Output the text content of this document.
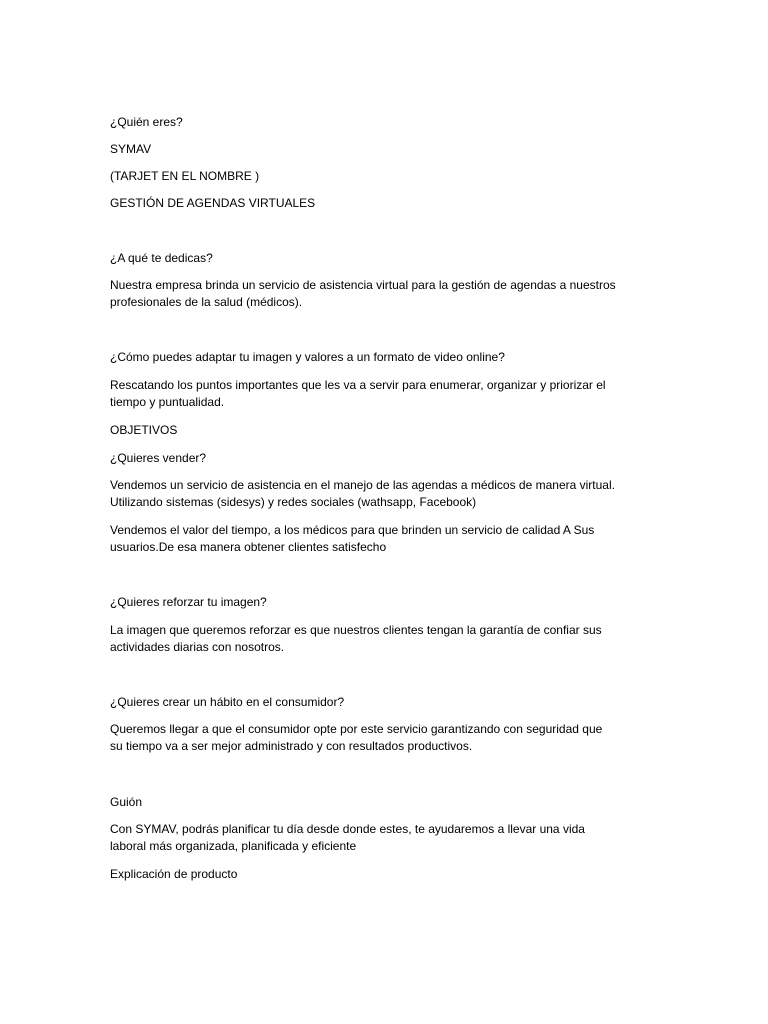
¿Quién eres?
SYMAV
(TARJET EN EL NOMBRE )
GESTIÓN DE AGENDAS VIRTUALES
¿A qué te dedicas?
Nuestra empresa brinda un servicio de asistencia virtual para la gestión de agendas a nuestros
profesionales de la salud (médicos).
¿Cómo puedes adaptar tu imagen y valores a un formato de video online?
Rescatando los puntos importantes que les va a servir para enumerar, organizar y priorizar el
tiempo y puntualidad.
OBJETIVOS
¿Quieres vender?
Vendemos un servicio de asistencia en el manejo de las agendas a médicos de manera virtual.
Utilizando sistemas (sidesys) y redes sociales (wathsapp, Facebook)
Vendemos el valor del tiempo, a los médicos para que brinden un servicio de calidad A Sus
usuarios.De esa manera obtener clientes satisfecho
¿Quieres reforzar tu imagen?
La imagen que queremos reforzar es que nuestros clientes tengan la garantía de confiar sus
actividades diarias con nosotros.
¿Quieres crear un hábito en el consumidor?
Queremos llegar a que el consumidor opte por este servicio garantizando con seguridad que
su tiempo va a ser mejor administrado y con resultados productivos.
Guión
Con SYMAV, podrás planificar tu día desde donde estes, te ayudaremos a llevar una vida
laboral más organizada, planificada y eficiente
Explicación de producto
